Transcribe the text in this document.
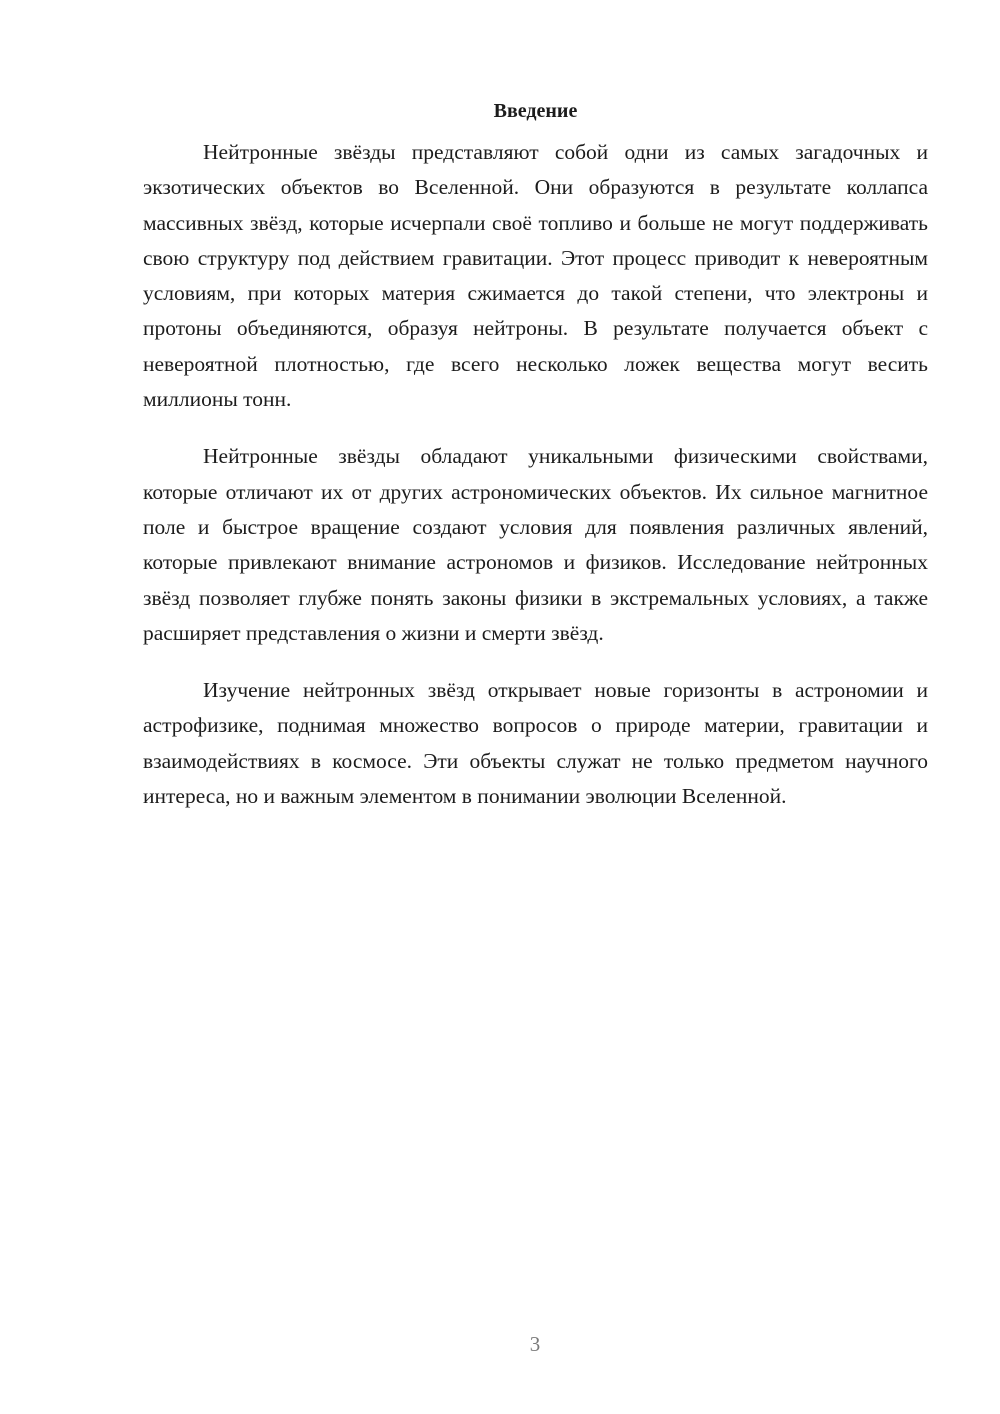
Введение

Нейтронные звёзды представляют собой одни из самых загадочных и экзотических объектов во Вселенной. Они образуются в результате коллапса массивных звёзд, которые исчерпали своё топливо и больше не могут поддерживать свою структуру под действием гравитации. Этот процесс приводит к невероятным условиям, при которых материя сжимается до такой степени, что электроны и протоны объединяются, образуя нейтроны. В результате получается объект с невероятной плотностью, где всего несколько ложек вещества могут весить миллионы тонн.

Нейтронные звёзды обладают уникальными физическими свойствами, которые отличают их от других астрономических объектов. Их сильное магнитное поле и быстрое вращение создают условия для появления различных явлений, которые привлекают внимание астрономов и физиков. Исследование нейтронных звёзд позволяет глубже понять законы физики в экстремальных условиях, а также расширяет представления о жизни и смерти звёзд.

Изучение нейтронных звёзд открывает новые горизонты в астрономии и астрофизике, поднимая множество вопросов о природе материи, гравитации и взаимодействиях в космосе. Эти объекты служат не только предметом научного интереса, но и важным элементом в понимании эволюции Вселенной.

3
